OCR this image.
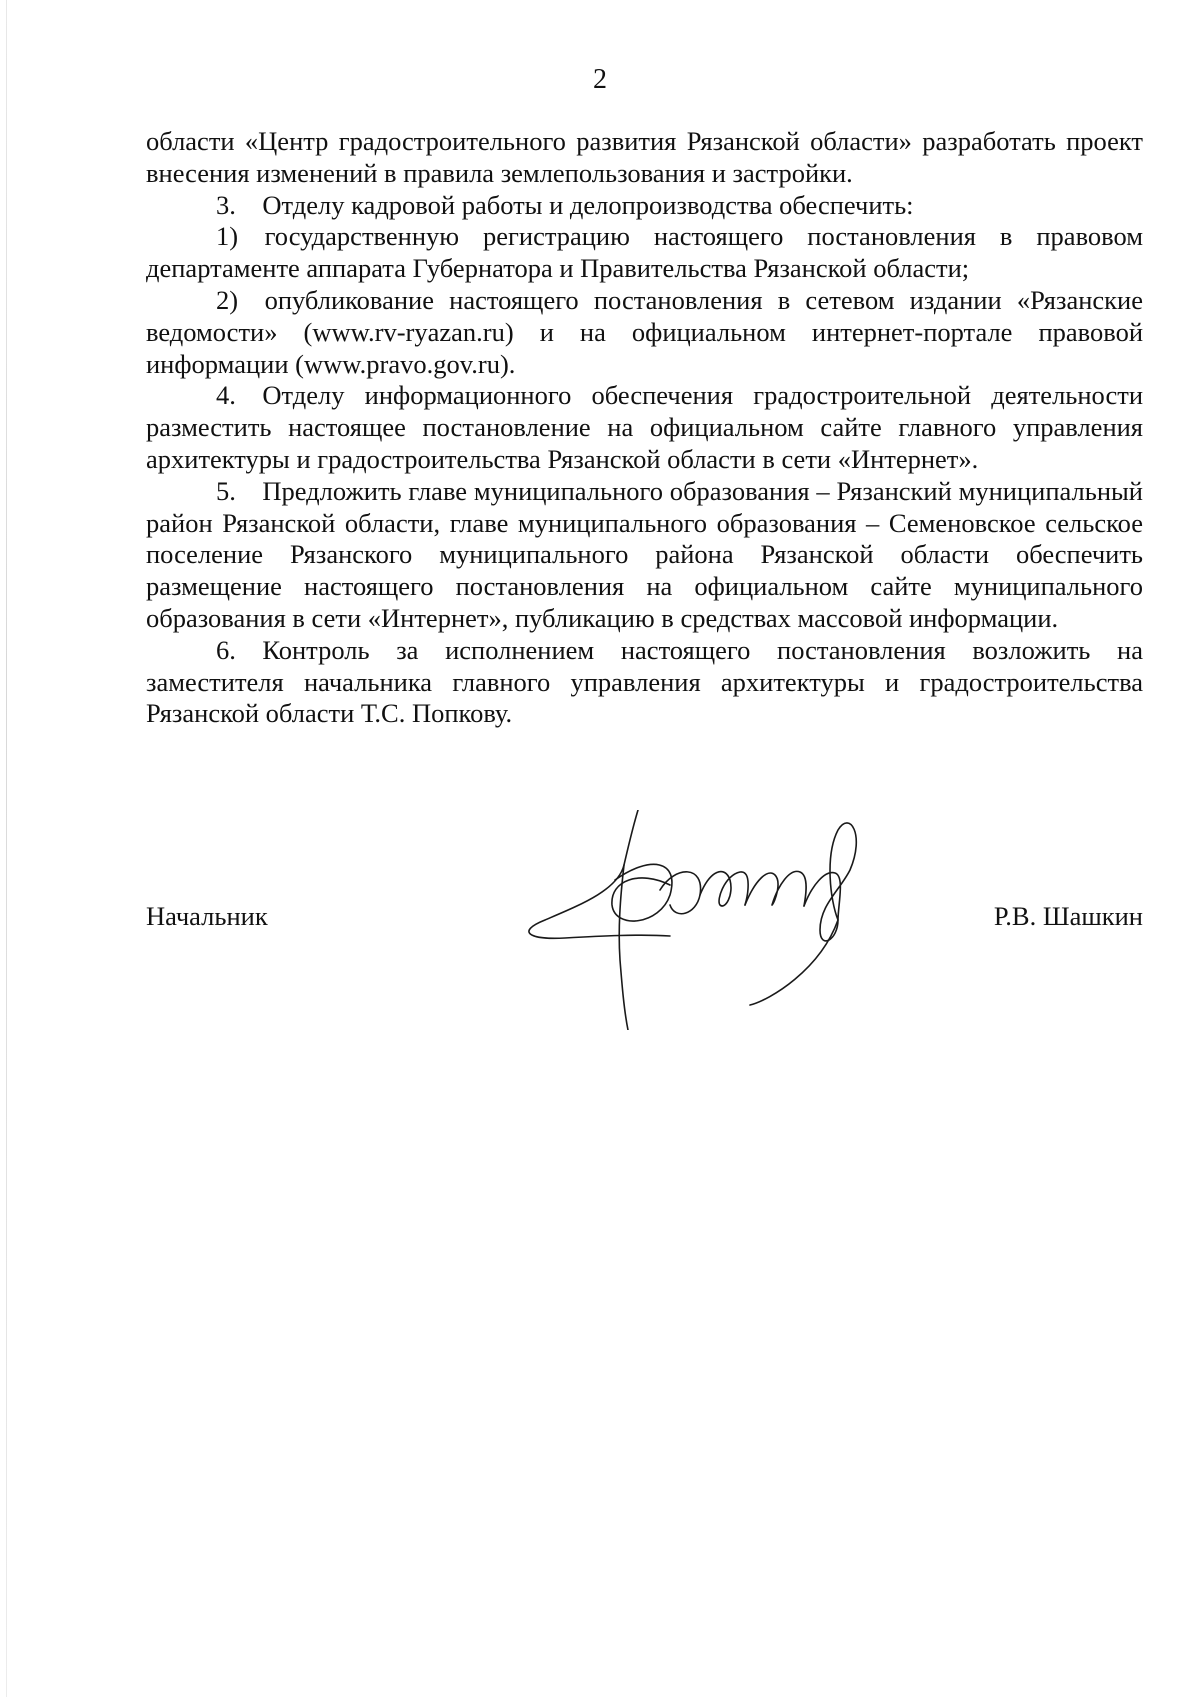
2

области «Центр градостроительного развития Рязанской области» разработать проект внесения изменений в правила землепользования и застройки.

3. Отделу кадровой работы и делопроизводства обеспечить:

1) государственную регистрацию настоящего постановления в правовом департаменте аппарата Губернатора и Правительства Рязанской области;

2) опубликование настоящего постановления в сетевом издании «Рязанские ведомости» (www.rv-ryazan.ru) и на официальном интернет-портале правовой информации (www.pravo.gov.ru).

4. Отделу информационного обеспечения градостроительной деятельности разместить настоящее постановление на официальном сайте главного управления архитектуры и градостроительства Рязанской области в сети «Интернет».

5. Предложить главе муниципального образования – Рязанский муниципальный район Рязанской области, главе муниципального образования – Семеновское сельское поселение Рязанского муниципального района Рязанской области обеспечить размещение настоящего постановления на официальном сайте муниципального образования в сети «Интернет», публикацию в средствах массовой информации.

6. Контроль за исполнением настоящего постановления возложить на заместителя начальника главного управления архитектуры и градостроительства Рязанской области Т.С. Попкову.

Начальник	Р.В. Шашкин
